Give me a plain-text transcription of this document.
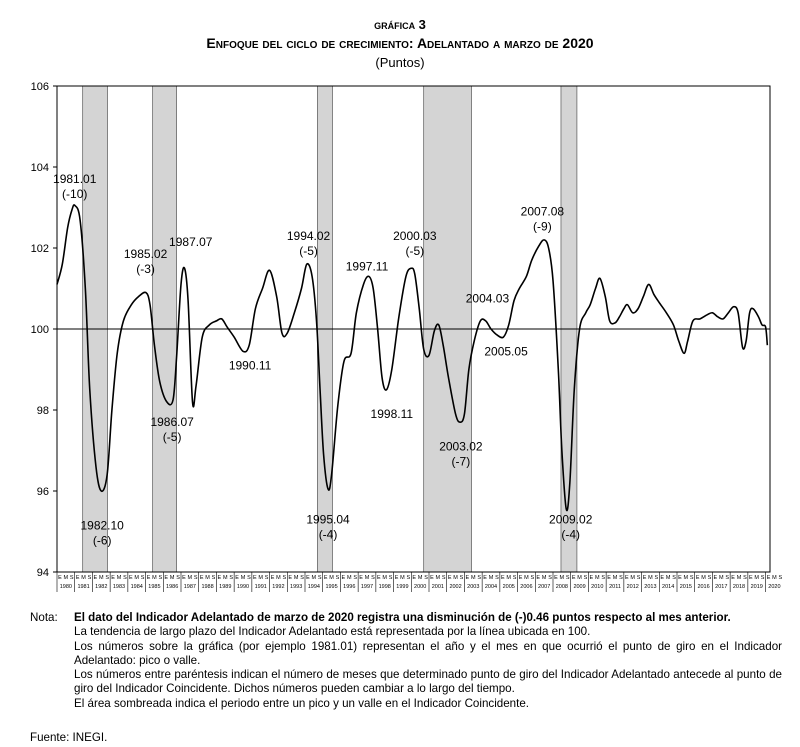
gráfica 3
Enfoque del ciclo de crecimiento: Adelantado a marzo de 2020
(Puntos)
94
96
98
100
102
104
106
E M S
1980
E M S
1981
E M S
1982
E M S
1983
E M S
1984
E M S
1985
E M S
1986
E M S
1987
E M S
1988
E M S
1989
E M S
1990
E M S
1991
E M S
1992
E M S
1993
E M S
1994
E M S
1995
E M S
1996
E M S
1997
E M S
1998
E M S
1999
E M S
2000
E M S
2001
E M S
2002
E M S
2003
E M S
2004
E M S
2005
E M S
2006
E M S
2007
E M S
2008
E M S
2009
E M S
2010
E M S
2011
E M S
2012
E M S
2013
E M S
2014
E M S
2015
E M S
2016
E M S
2017
E M S
2018
E M S
2019
E M S
2020
1981.01
(-10)
1982.10
(-6)
1985.02
(-3)
1986.07
(-5)
1987.07
1990.11
1994.02
(-5)
1995.04
(-4)
1997.11
1998.11
2000.03
(-5)
2003.02
(-7)
2004.03
2005.05
2007.08
(-9)
2009.02
(-4)
Nota:	El dato del Indicador Adelantado de marzo de 2020 registra una disminución de (-)0.46 puntos respecto al mes anterior.
La tendencia de largo plazo del Indicador Adelantado está representada por la línea ubicada en 100.
Los números sobre la gráfica (por ejemplo 1981.01) representan el año y el mes en que ocurrió el punto de giro en el Indicador Adelantado: pico o valle.
Los números entre paréntesis indican el número de meses que determinado punto de giro del Indicador Adelantado antecede al punto de giro del Indicador Coincidente. Dichos números pueden cambiar a lo largo del tiempo.
El área sombreada indica el periodo entre un pico y un valle en el Indicador Coincidente.
Fuente: INEGI.
